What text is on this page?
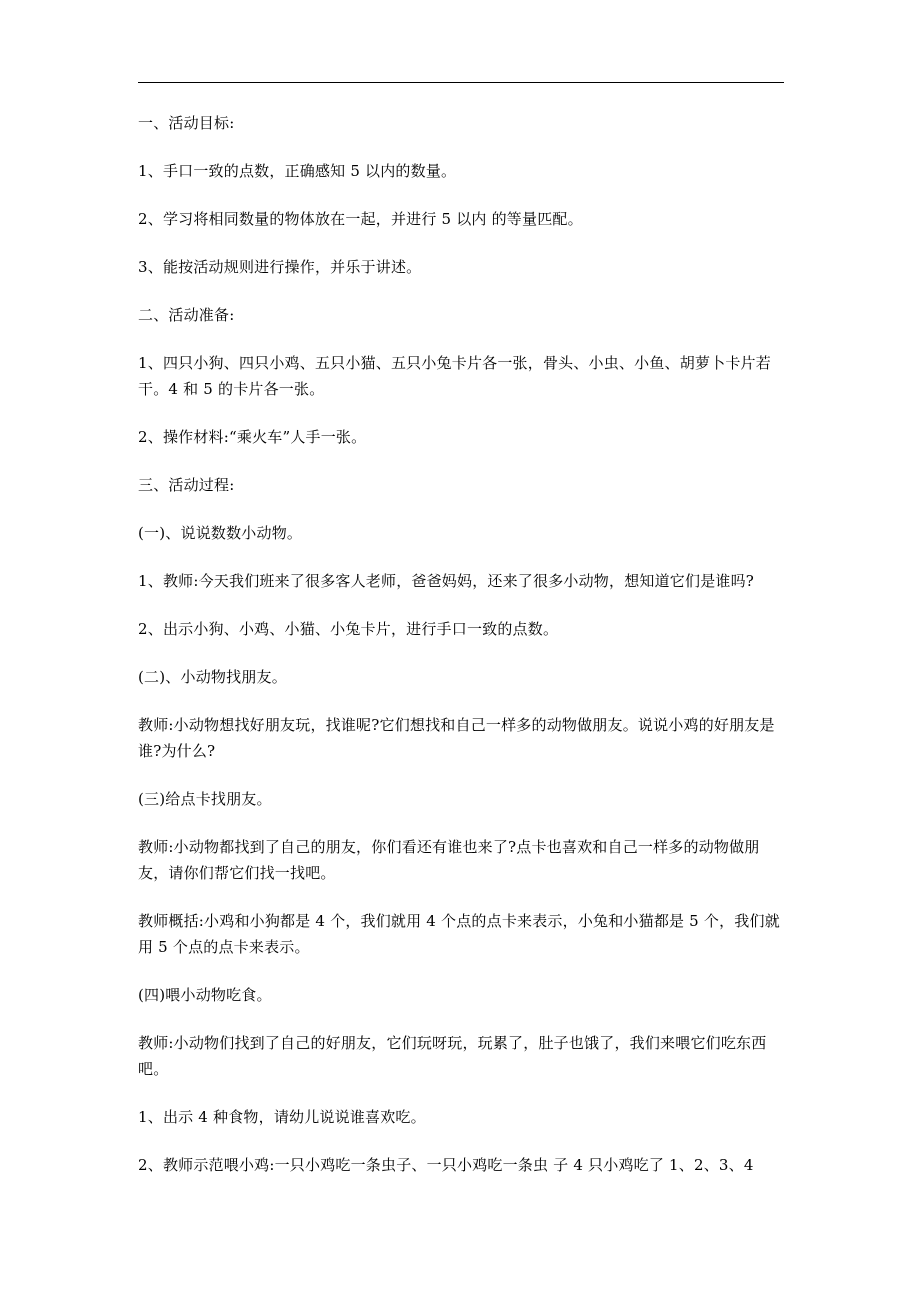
一、活动目标:

1、手口一致的点数，正确感知 5 以内的数量。

2、学习将相同数量的物体放在一起，并进行 5 以内 的等量匹配。

3、能按活动规则进行操作，并乐于讲述。

二、活动准备:

1、四只小狗、四只小鸡、五只小猫、五只小兔卡片各一张，骨头、小虫、小鱼、胡萝卜卡片若干。4 和 5 的卡片各一张。

2、操作材料:“乘火车”人手一张。

三、活动过程:

(一)、说说数数小动物。

1、教师:今天我们班来了很多客人老师，爸爸妈妈，还来了很多小动物，想知道它们是谁吗?

2、出示小狗、小鸡、小猫、小兔卡片，进行手口一致的点数。

(二)、小动物找朋友。

教师:小动物想找好朋友玩，找谁呢?它们想找和自己一样多的动物做朋友。说说小鸡的好朋友是谁?为什么?

(三)给点卡找朋友。

教师:小动物都找到了自己的朋友，你们看还有谁也来了?点卡也喜欢和自己一样多的动物做朋友，请你们帮它们找一找吧。

教师概括:小鸡和小狗都是 4 个，我们就用 4 个点的点卡来表示，小兔和小猫都是 5 个，我们就用 5 个点的点卡来表示。

(四)喂小动物吃食。

教师:小动物们找到了自己的好朋友，它们玩呀玩，玩累了，肚子也饿了，我们来喂它们吃东西吧。

1、出示 4 种食物，请幼儿说说谁喜欢吃。

2、教师示范喂小鸡:一只小鸡吃一条虫子、一只小鸡吃一条虫 子 4 只小鸡吃了 1、2、3、4
